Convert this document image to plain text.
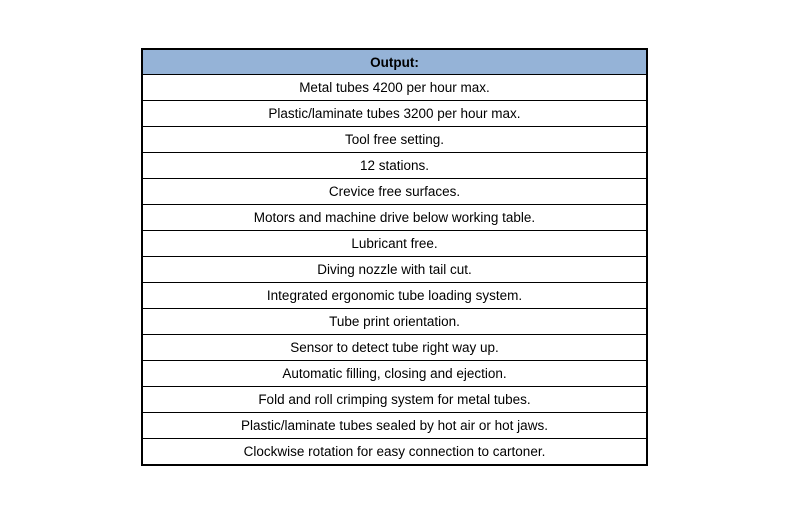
Output:
Metal tubes 4200 per hour max.
Plastic/laminate tubes 3200 per hour max.
Tool free setting.
12 stations.
Crevice free surfaces.
Motors and machine drive below working table.
Lubricant free.
Diving nozzle with tail cut.
Integrated ergonomic tube loading system.
Tube print orientation.
Sensor to detect tube right way up.
Automatic filling, closing and ejection.
Fold and roll crimping system for metal tubes.
Plastic/laminate tubes sealed by hot air or hot jaws.
Clockwise rotation for easy connection to cartoner.
